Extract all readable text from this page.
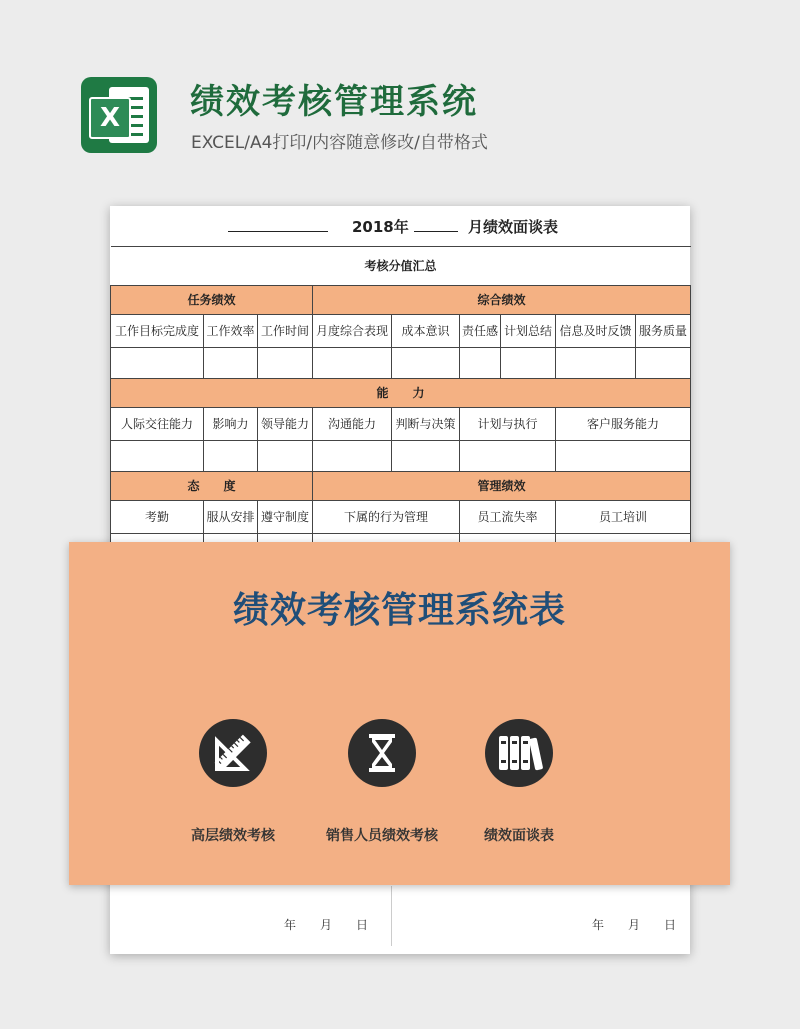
X	绩效考核管理系统

EXCEL/A4打印/内容随意修改/自带格式

2018年	月绩效面谈表
考核分值汇总								
任务绩效			综合绩效					
工作目标完成度	工作效率	工作时间	月度综合表现	成本意识	责任感	计划总结	信息及时反馈	服务质量

能　　力								
人际交往能力	影响力	领导能力	沟通能力	判断与决策	计划与执行		客户服务能力	

态　　度			管理绩效					
考勤	服从安排	遵守制度	下属的行为管理		员工流失率		员工培训	

年　　月　　日	年　　月　　日
绩效考核管理系统表
高层绩效考核	销售人员绩效考核	绩效面谈表
